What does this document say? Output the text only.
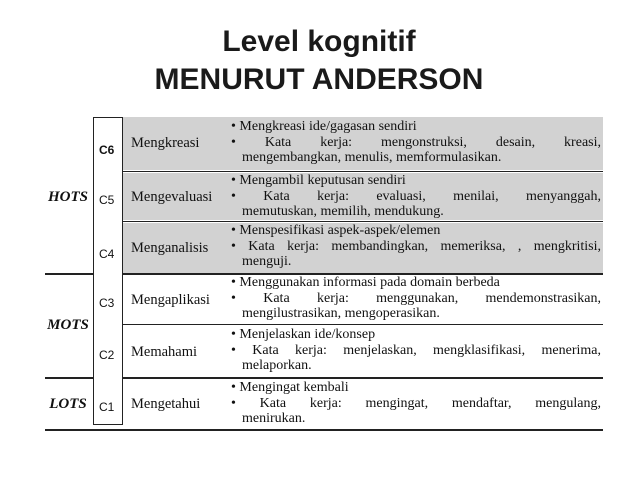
Level kognitif
MENURUT ANDERSON
HOTS
MOTS
LOTS
Mengkreasi
• Mengkreasi ide/gagasan sendiri
• Kata kerja: mengonstruksi, desain, kreasi,
mengembangkan, menulis, memformulasikan.
Mengevaluasi
• Mengambil keputusan sendiri
• Kata kerja: evaluasi, menilai, menyanggah,
memutuskan, memilih, mendukung.
Menganalisis
• Menspesifikasi aspek-aspek/elemen
• Kata kerja: membandingkan, memeriksa, , mengkritisi,
menguji.
Mengaplikasi
• Menggunakan informasi pada domain berbeda
• Kata kerja: menggunakan, mendemonstrasikan,
mengilustrasikan, mengoperasikan.
Memahami
• Menjelaskan ide/konsep
• Kata kerja: menjelaskan, mengklasifikasi, menerima,
melaporkan.
Mengetahui
• Mengingat kembali
• Kata kerja: mengingat, mendaftar, mengulang,
menirukan.
C6
C5
C4
C3
C2
C1
